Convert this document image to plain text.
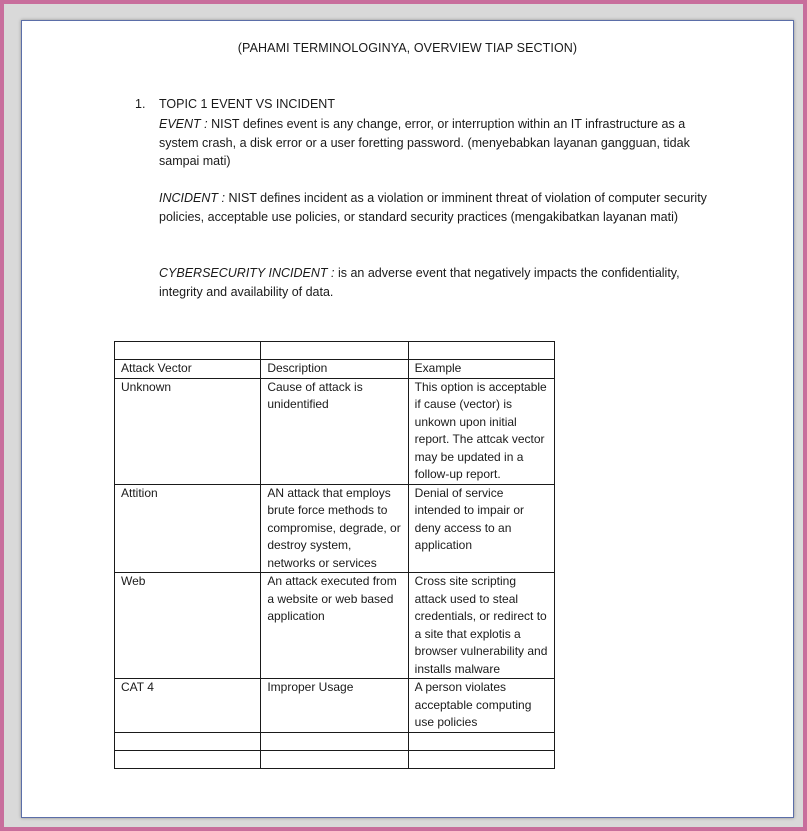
(PAHAMI TERMINOLOGINYA, OVERVIEW TIAP SECTION)
1. TOPIC 1 EVENT VS INCIDENT
EVENT : NIST defines event is any change, error, or interruption within an IT infrastructure as a system crash, a disk error or a user foretting password. (menyebabkan layanan gangguan, tidak sampai mati)
INCIDENT : NIST defines incident as a violation or imminent threat of violation of computer security policies, acceptable use policies, or standard security practices (mengakibatkan layanan mati)
CYBERSECURITY INCIDENT : is an adverse event that negatively impacts the confidentiality, integrity and availability of data.

Attack Vector	Description	Example
Unknown	Cause of attack is unidentified	This option is acceptable if cause (vector) is unkown upon initial report. The attcak vector may be updated in a follow-up report.
Attition	AN attack that employs brute force methods to compromise, degrade, or destroy system, networks or services	Denial of service intended to impair or deny access to an application
Web	An attack executed from a website or web based application	Cross site scripting attack used to steal credentials, or redirect to a site that explotis a browser vulnerability and installs malware
CAT 4	Improper Usage	A person violates acceptable computing use policies
